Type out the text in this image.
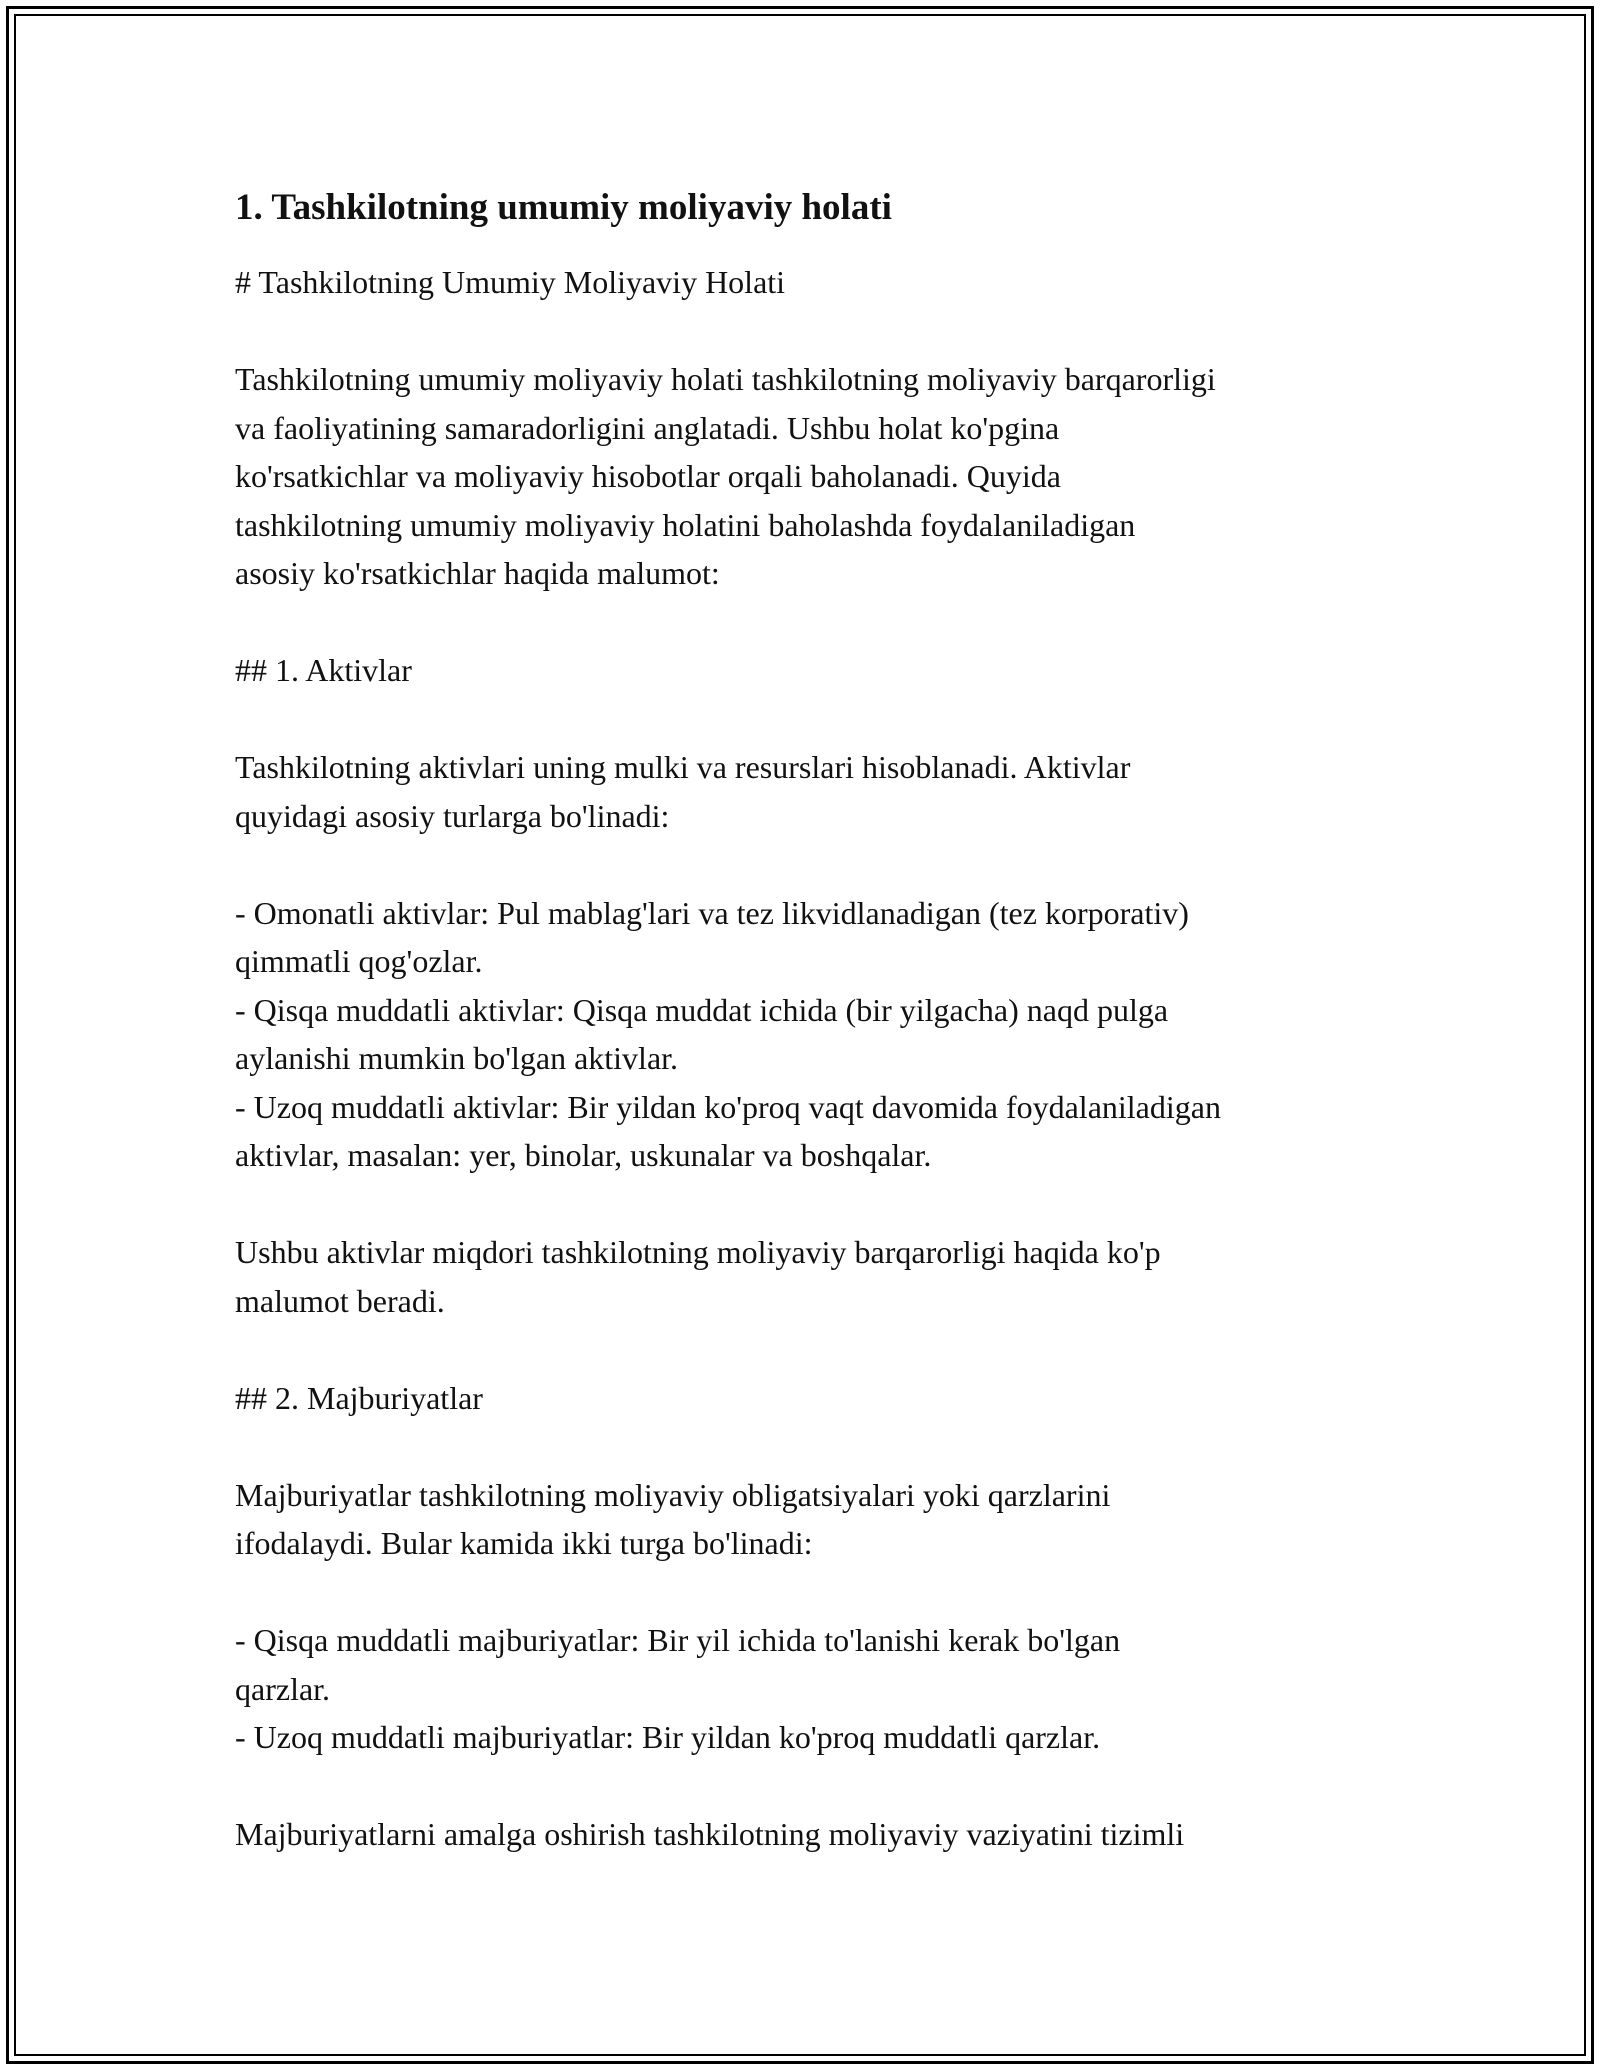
1. Tashkilotning umumiy moliyaviy holati

# Tashkilotning Umumiy Moliyaviy Holati

Tashkilotning umumiy moliyaviy holati tashkilotning moliyaviy barqarorligi
va faoliyatining samaradorligini anglatadi. Ushbu holat ko'pgina
ko'rsatkichlar va moliyaviy hisobotlar orqali baholanadi. Quyida
tashkilotning umumiy moliyaviy holatini baholashda foydalaniladigan
asosiy ko'rsatkichlar haqida malumot:

## 1. Aktivlar

Tashkilotning aktivlari uning mulki va resurslari hisoblanadi. Aktivlar
quyidagi asosiy turlarga bo'linadi:

- Omonatli aktivlar: Pul mablag'lari va tez likvidlanadigan (tez korporativ)
qimmatli qog'ozlar.
- Qisqa muddatli aktivlar: Qisqa muddat ichida (bir yilgacha) naqd pulga
aylanishi mumkin bo'lgan aktivlar.
- Uzoq muddatli aktivlar: Bir yildan ko'proq vaqt davomida foydalaniladigan
aktivlar, masalan: yer, binolar, uskunalar va boshqalar.

Ushbu aktivlar miqdori tashkilotning moliyaviy barqarorligi haqida ko'p
malumot beradi.

## 2. Majburiyatlar

Majburiyatlar tashkilotning moliyaviy obligatsiyalari yoki qarzlarini
ifodalaydi. Bular kamida ikki turga bo'linadi:

- Qisqa muddatli majburiyatlar: Bir yil ichida to'lanishi kerak bo'lgan
qarzlar.
- Uzoq muddatli majburiyatlar: Bir yildan ko'proq muddatli qarzlar.

Majburiyatlarni amalga oshirish tashkilotning moliyaviy vaziyatini tizimli
